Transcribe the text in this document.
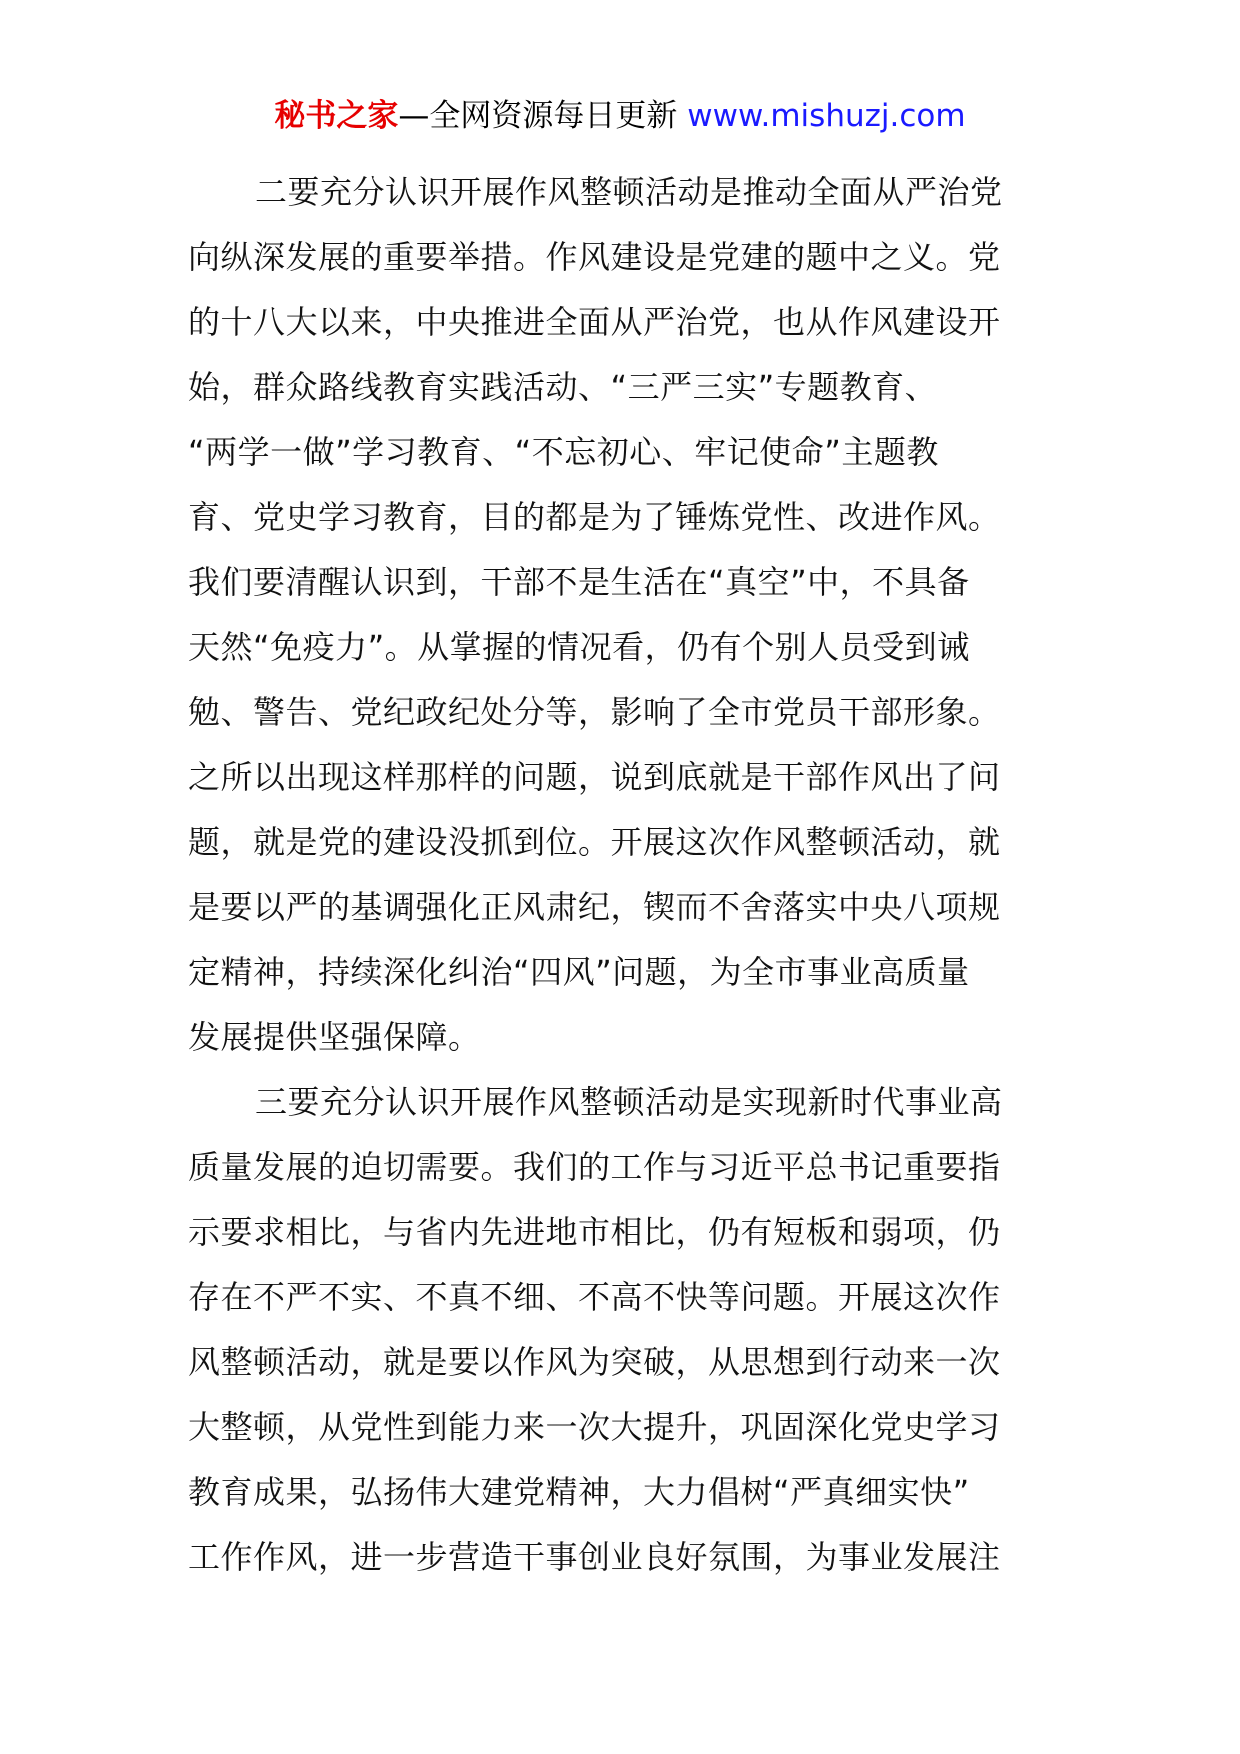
秘书之家—全网资源每日更新 www.mishuzj.com
二要充分认识开展作风整顿活动是推动全面从严治党
向纵深发展的重要举措。作风建设是党建的题中之义。党
的十八大以来，中央推进全面从严治党，也从作风建设开
始，群众路线教育实践活动、“三严三实”专题教育、
“两学一做”学习教育、“不忘初心、牢记使命”主题教
育、党史学习教育，目的都是为了锤炼党性、改进作风。
我们要清醒认识到，干部不是生活在“真空”中，不具备
天然“免疫力”。从掌握的情况看，仍有个别人员受到诫
勉、警告、党纪政纪处分等，影响了全市党员干部形象。
之所以出现这样那样的问题，说到底就是干部作风出了问
题，就是党的建设没抓到位。开展这次作风整顿活动，就
是要以严的基调强化正风肃纪，锲而不舍落实中央八项规
定精神，持续深化纠治“四风”问题，为全市事业高质量
发展提供坚强保障。
三要充分认识开展作风整顿活动是实现新时代事业高
质量发展的迫切需要。我们的工作与习近平总书记重要指
示要求相比，与省内先进地市相比，仍有短板和弱项，仍
存在不严不实、不真不细、不高不快等问题。开展这次作
风整顿活动，就是要以作风为突破，从思想到行动来一次
大整顿，从党性到能力来一次大提升，巩固深化党史学习
教育成果，弘扬伟大建党精神，大力倡树“严真细实快”
工作作风，进一步营造干事创业良好氛围，为事业发展注
